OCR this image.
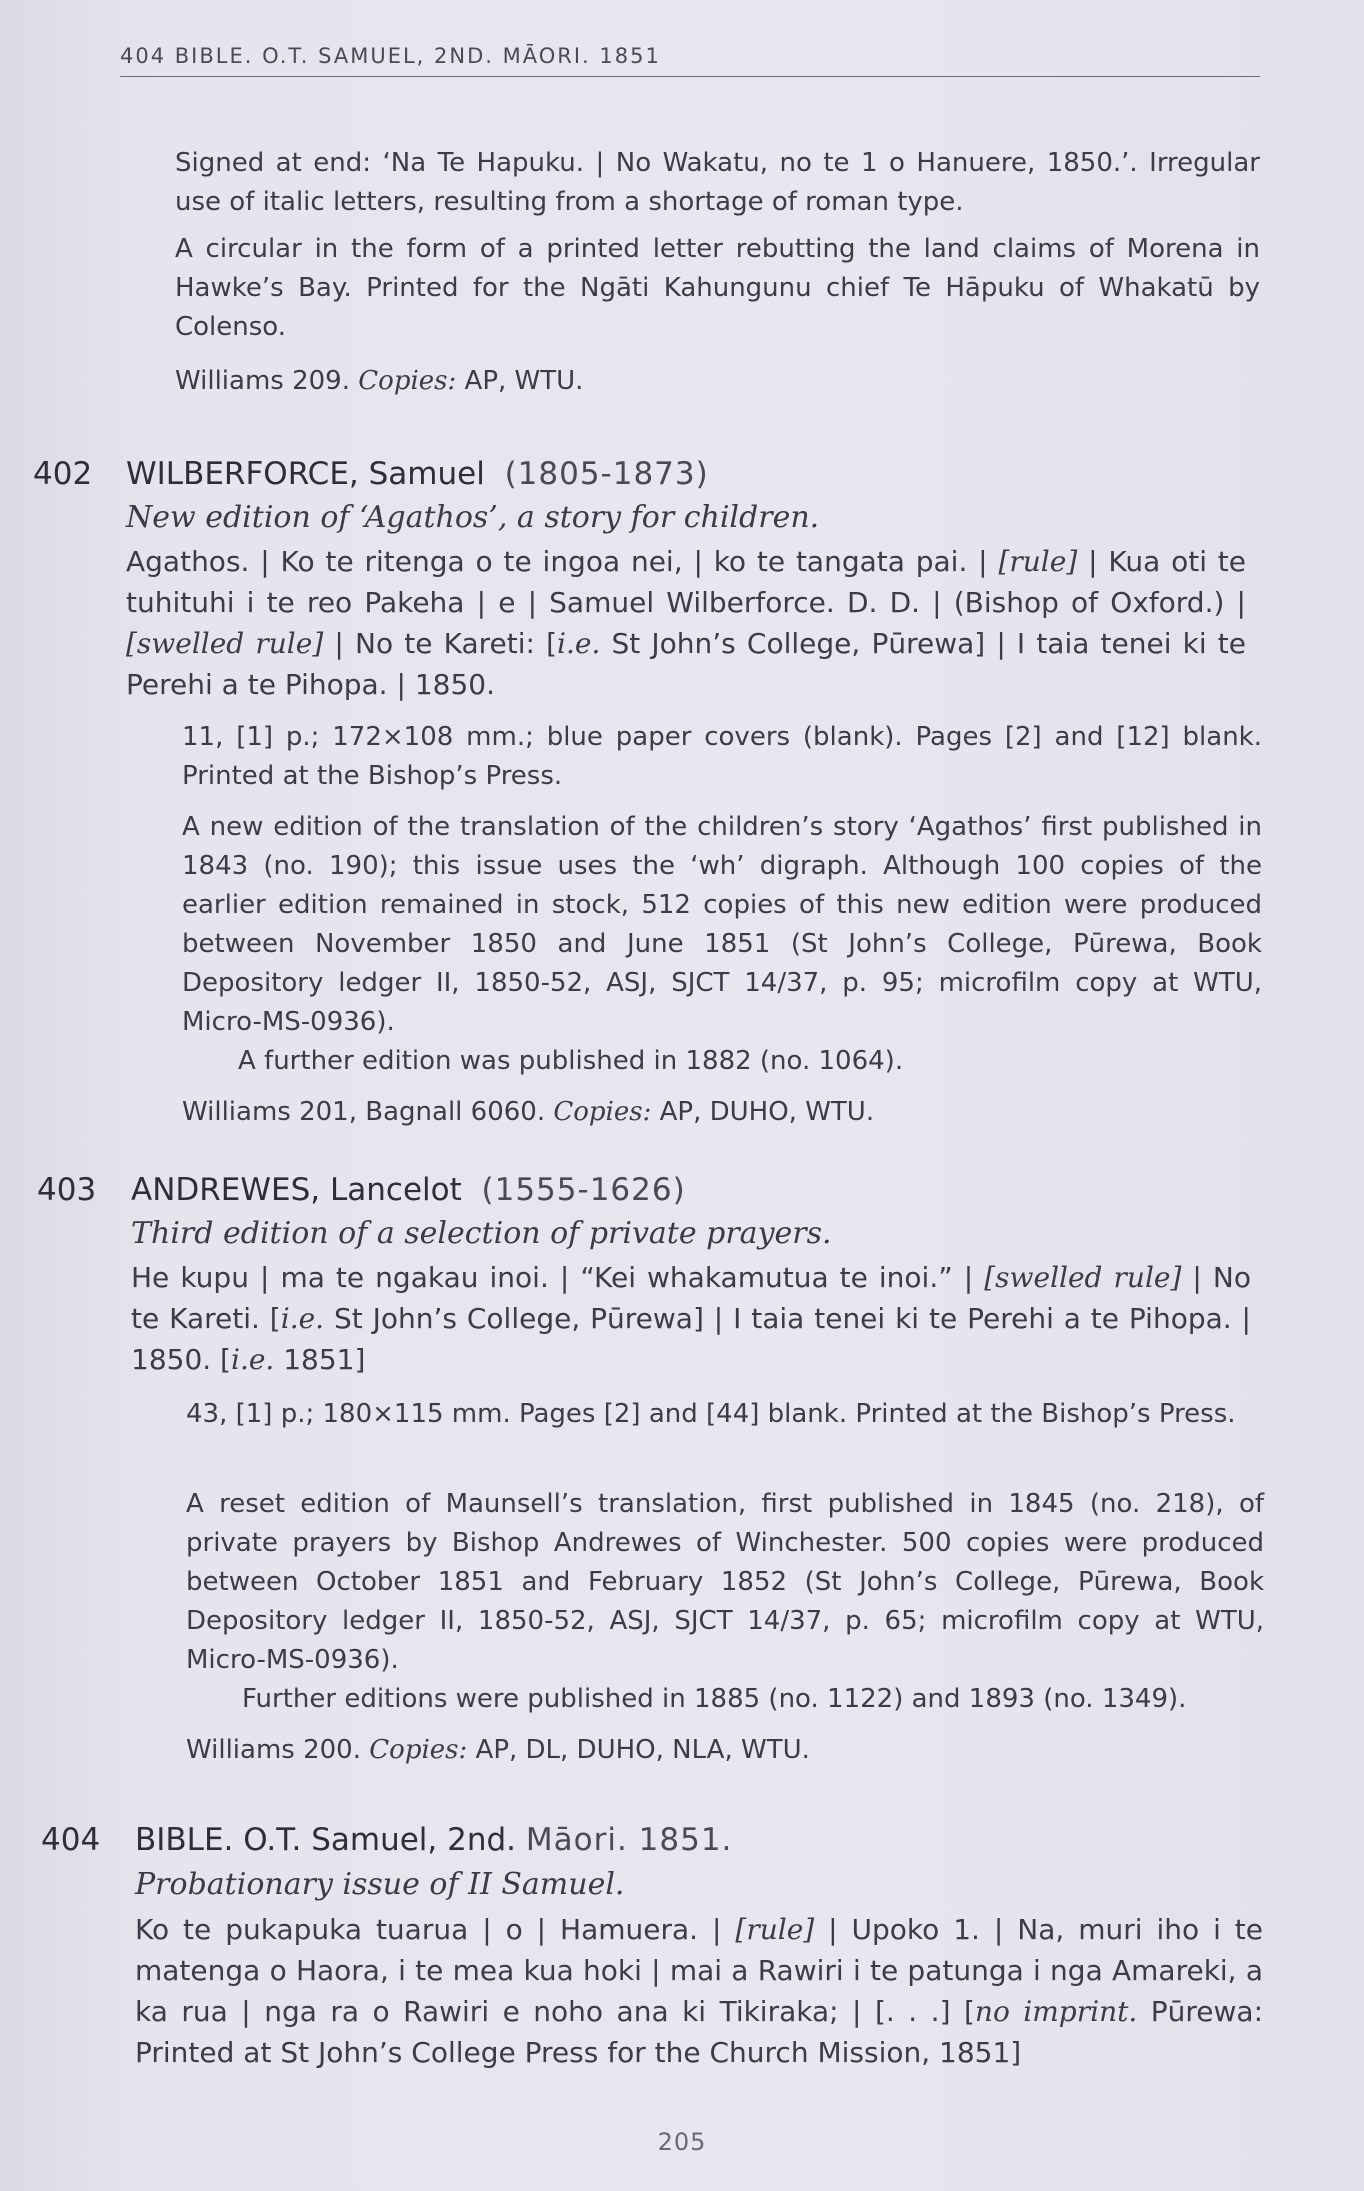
404 BIBLE. O.T. SAMUEL, 2ND. MĀORI. 1851

Signed at end: ‘Na Te Hapuku. | No Wakatu, no te 1 o Hanuere, 1850.’. Irregular use of italic letters, resulting from a shortage of roman type.

A circular in the form of a printed letter rebutting the land claims of Morena in Hawke’s Bay. Printed for the Ngāti Kahungunu chief Te Hāpuku of Whakatū by Colenso.

Williams 209. Copies: AP, WTU.

402 WILBERFORCE, Samuel (1805-1873)
New edition of ‘Agathos’, a story for children.

Agathos. | Ko te ritenga o te ingoa nei, | ko te tangata pai. | [rule] | Kua oti te tuhituhi i te reo Pakeha | e | Samuel Wilberforce. D. D. | (Bishop of Oxford.) | [swelled rule] | No te Kareti: [i.e. St John’s College, Pūrewa] | I taia tenei ki te Perehi a te Pihopa. | 1850.

11, [1] p.; 172×108 mm.; blue paper covers (blank). Pages [2] and [12] blank. Printed at the Bishop’s Press.

A new edition of the translation of the children’s story ‘Agathos’ first published in 1843 (no. 190); this issue uses the ‘wh’ digraph. Although 100 copies of the earlier edition remained in stock, 512 copies of this new edition were produced between November 1850 and June 1851 (St John’s College, Pūrewa, Book Depository ledger II, 1850-52, ASJ, SJCT 14/37, p. 95; microfilm copy at WTU, Micro-MS-0936).

A further edition was published in 1882 (no. 1064).

Williams 201, Bagnall 6060. Copies: AP, DUHO, WTU.

403 ANDREWES, Lancelot (1555-1626)
Third edition of a selection of private prayers.

He kupu | ma te ngakau inoi. | “Kei whakamutua te inoi.” | [swelled rule] | No te Kareti. [i.e. St John’s College, Pūrewa] | I taia tenei ki te Perehi a te Pihopa. | 1850. [i.e. 1851]

43, [1] p.; 180×115 mm. Pages [2] and [44] blank. Printed at the Bishop’s Press.

A reset edition of Maunsell’s translation, first published in 1845 (no. 218), of private prayers by Bishop Andrewes of Winchester. 500 copies were produced between October 1851 and February 1852 (St John’s College, Pūrewa, Book Depository ledger II, 1850-52, ASJ, SJCT 14/37, p. 65; microfilm copy at WTU, Micro-MS-0936).

Further editions were published in 1885 (no. 1122) and 1893 (no. 1349).

Williams 200. Copies: AP, DL, DUHO, NLA, WTU.

404 BIBLE. O.T. Samuel, 2nd. Māori. 1851.
Probationary issue of II Samuel.

Ko te pukapuka tuarua | o | Hamuera. | [rule] | Upoko 1. | Na, muri iho i te matenga o Haora, i te mea kua hoki | mai a Rawiri i te patunga i nga Amareki, a ka rua | nga ra o Rawiri e noho ana ki Tikiraka; | [. . .] [no imprint. Pūrewa: Printed at St John’s College Press for the Church Mission, 1851]

205
